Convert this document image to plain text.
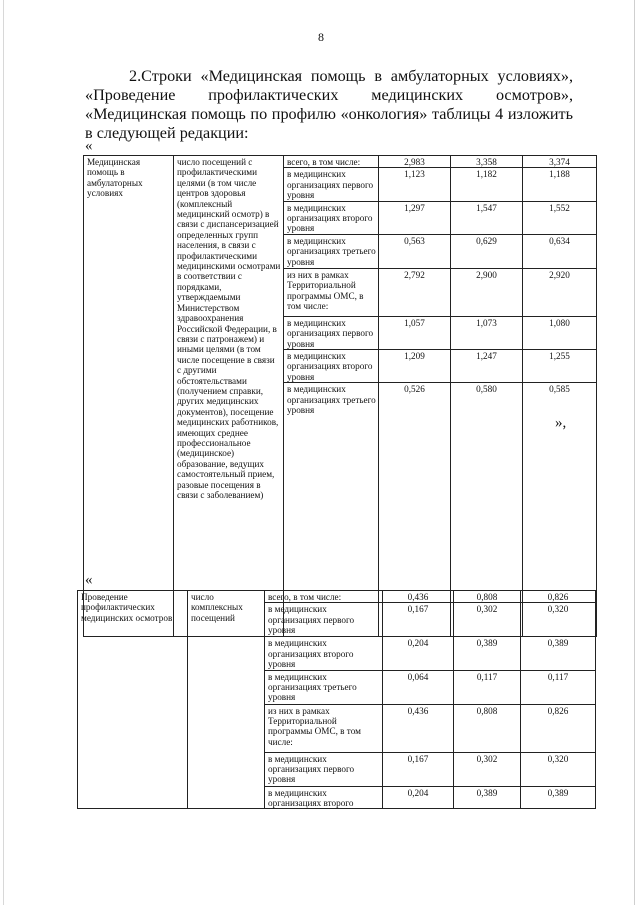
8
2.Строки «Медицинская помощь в амбулаторных условиях», «Проведение профилактических медицинских осмотров», «Медицинская помощь по профилю «онкология» таблицы 4 изложить в следующей редакции:
«
Медицинская помощь в амбулаторных условиях	число посещений с профилактическими целями (в том числе центров здоровья (комплексный медицинский осмотр) в связи с диспансеризацией определенных групп населения, в связи с профилактическими медицинскими осмотрами в соответствии с порядками, утверждаемыми Министерством здравоохранения Российской Федерации, в связи с патронажем) и иными целями (в том числе посещение в связи с другими обстоятельствами (получением справки, других медицинских документов), посещение медицинских работников, имеющих среднее профессиональное (медицинское) образование, ведущих самостоятельный прием, разовые посещения в связи с заболеванием)	всего, в том числе:	2,983	3,358	3,374
		в медицинских организациях первого уровня	1,123	1,182	1,188
		в медицинских организациях второго уровня	1,297	1,547	1,552
		в медицинских организациях третьего уровня	0,563	0,629	0,634
		из них в рамках Территориальной программы ОМС, в том числе:	2,792	2,900	2,920
		в медицинских организациях первого уровня	1,057	1,073	1,080
		в медицинских организациях второго уровня	1,209	1,247	1,255
		в медицинских организациях третьего уровня	0,526	0,580	0,585
»,
«
Проведение профилактических медицинских осмотров	число комплексных посещений	всего, в том числе:	0,436	0,808	0,826
		в медицинских организациях первого уровня	0,167	0,302	0,320
		в медицинских организациях второго уровня	0,204	0,389	0,389
		в медицинских организациях третьего уровня	0,064	0,117	0,117
		из них в рамках Территориальной программы ОМС, в том числе:	0,436	0,808	0,826
		в медицинских организациях первого уровня	0,167	0,302	0,320
		в медицинских организациях второго	0,204	0,389	0,389
